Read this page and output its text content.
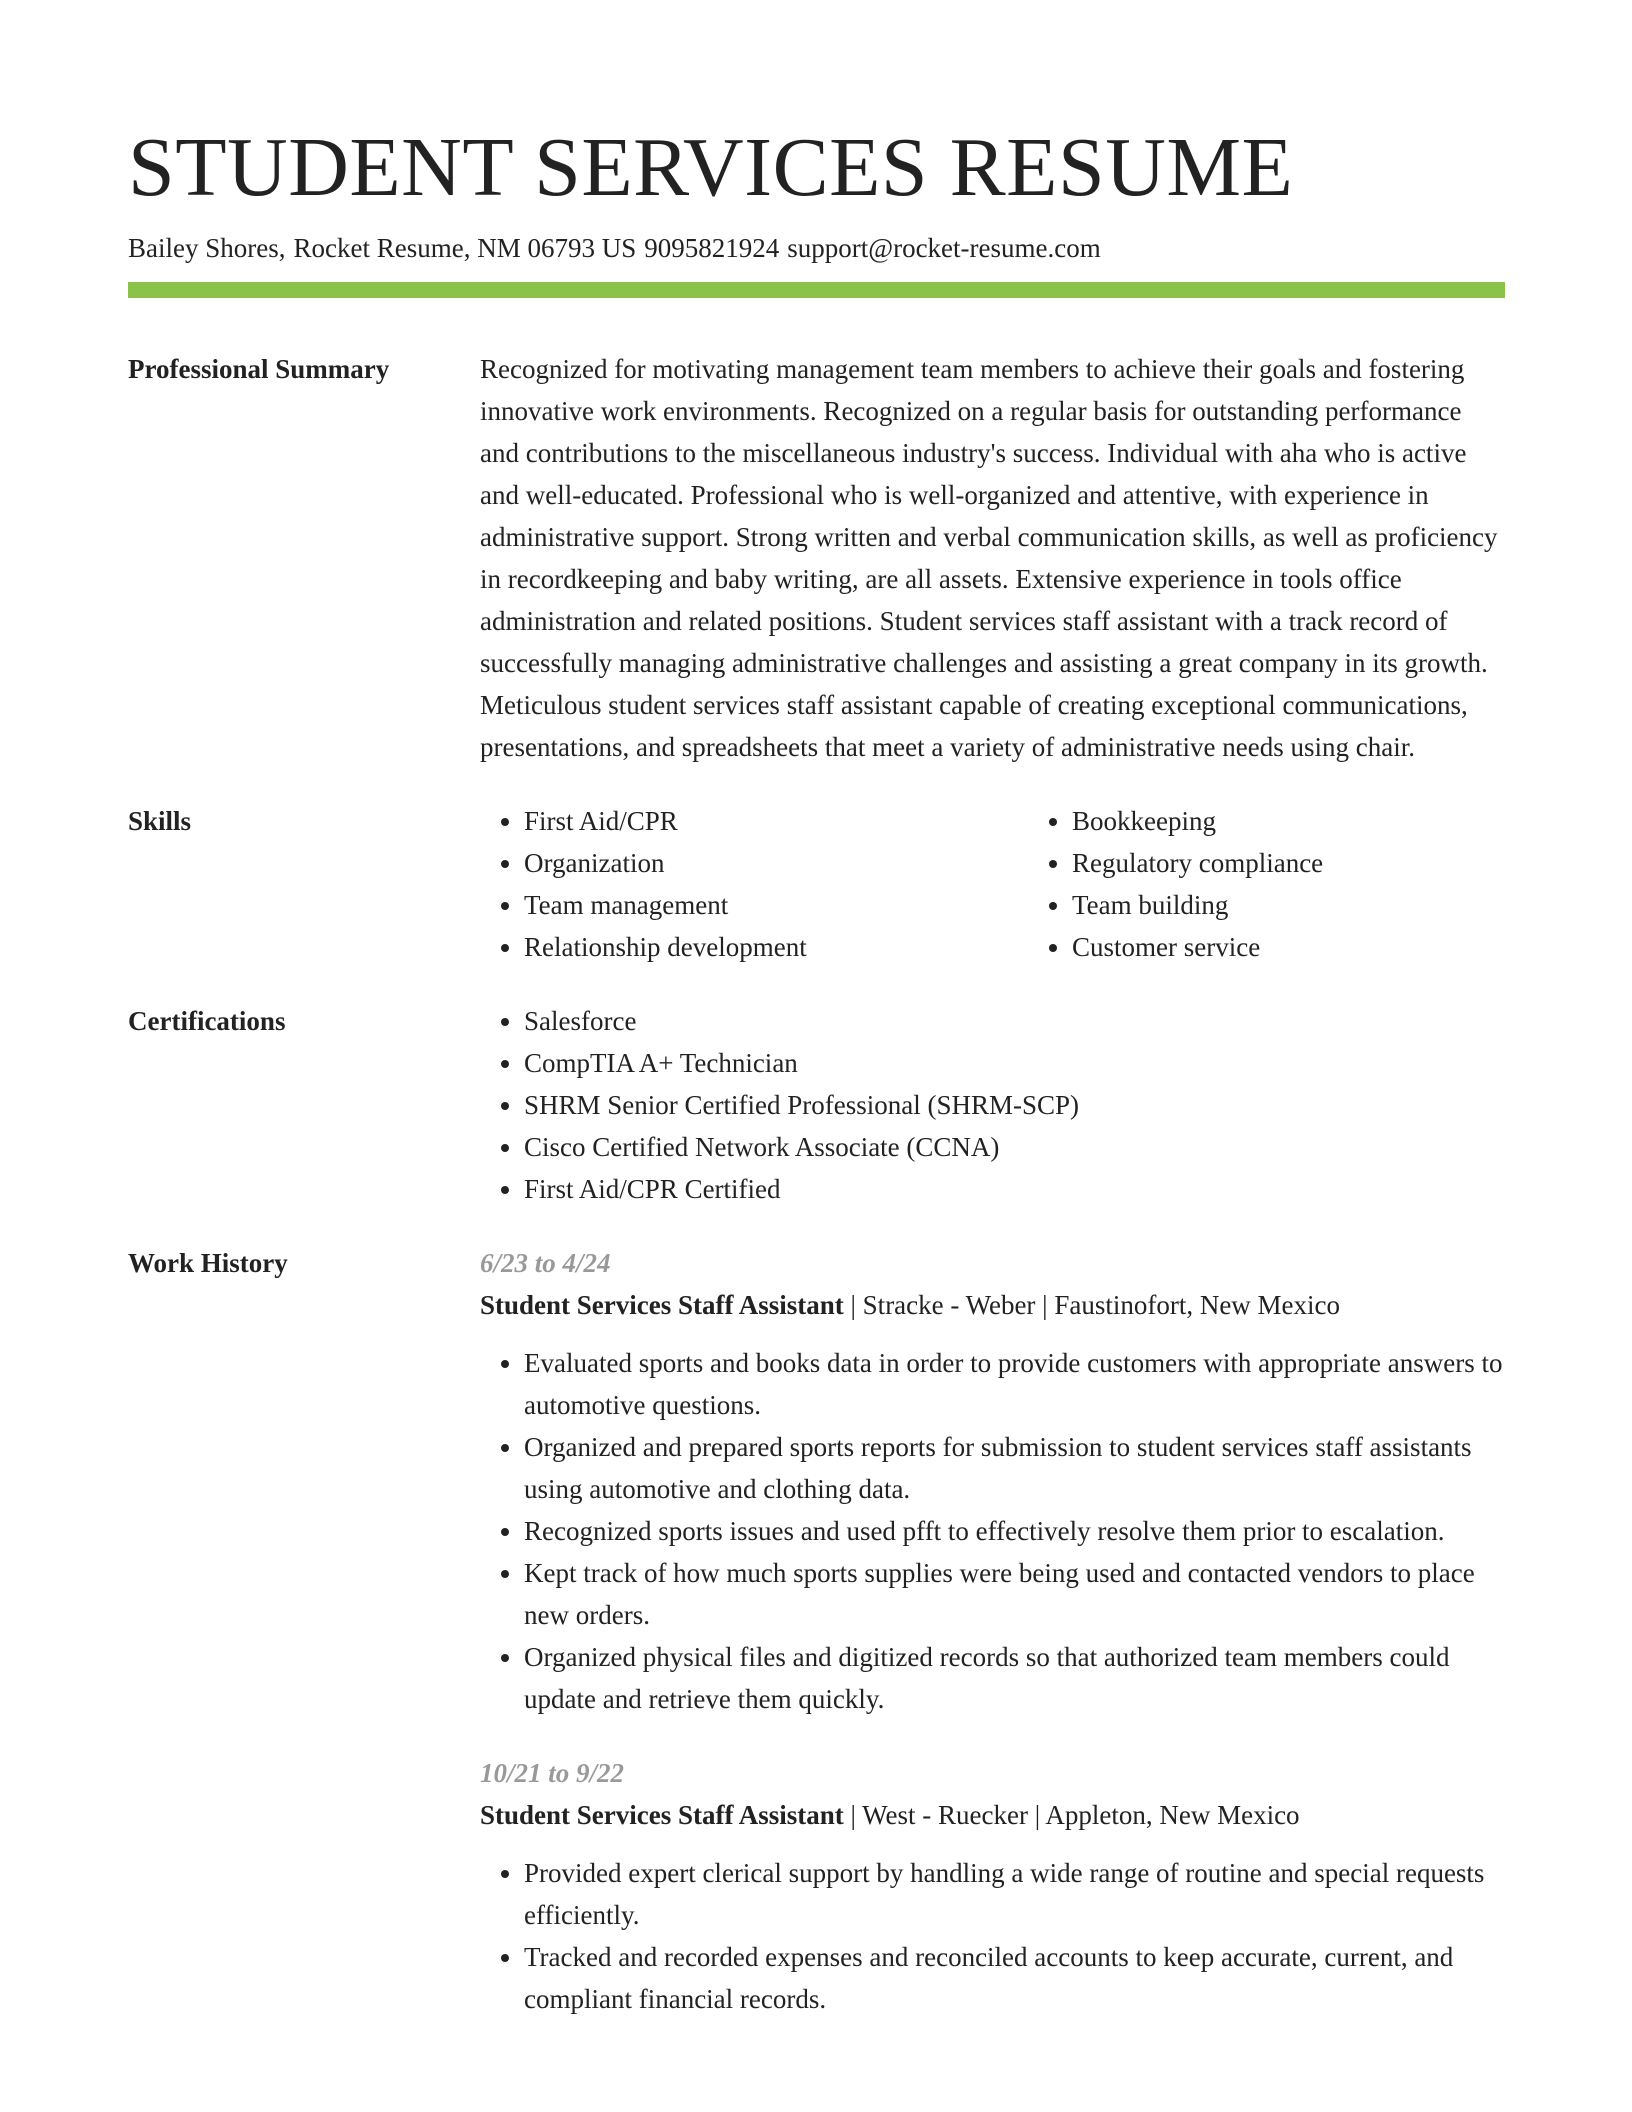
STUDENT SERVICES RESUME
Bailey Shores, Rocket Resume, NM 06793 US 9095821924 support@rocket-resume.com
Professional Summary	Recognized for motivating management team members to achieve their goals and fostering innovative work environments. Recognized on a regular basis for outstanding performance and contributions to the miscellaneous industry's success. Individual with aha who is active and well-educated. Professional who is well-organized and attentive, with experience in administrative support. Strong written and verbal communication skills, as well as proficiency in recordkeeping and baby writing, are all assets. Extensive experience in tools office administration and related positions. Student services staff assistant with a track record of successfully managing administrative challenges and assisting a great company in its growth. Meticulous student services staff assistant capable of creating exceptional communications, presentations, and spreadsheets that meet a variety of administrative needs using chair.
Skills	• First Aid/CPR
• Organization
• Team management
• Relationship development
• Bookkeeping
• Regulatory compliance
• Team building
• Customer service
Certifications	• Salesforce
• CompTIA A+ Technician
• SHRM Senior Certified Professional (SHRM-SCP)
• Cisco Certified Network Associate (CCNA)
• First Aid/CPR Certified
Work History	6/23 to 4/24
Student Services Staff Assistant | Stracke - Weber | Faustinofort, New Mexico
• Evaluated sports and books data in order to provide customers with appropriate answers to automotive questions.
• Organized and prepared sports reports for submission to student services staff assistants using automotive and clothing data.
• Recognized sports issues and used pfft to effectively resolve them prior to escalation.
• Kept track of how much sports supplies were being used and contacted vendors to place new orders.
• Organized physical files and digitized records so that authorized team members could update and retrieve them quickly.
10/21 to 9/22
Student Services Staff Assistant | West - Ruecker | Appleton, New Mexico
• Provided expert clerical support by handling a wide range of routine and special requests efficiently.
• Tracked and recorded expenses and reconciled accounts to keep accurate, current, and compliant financial records.
